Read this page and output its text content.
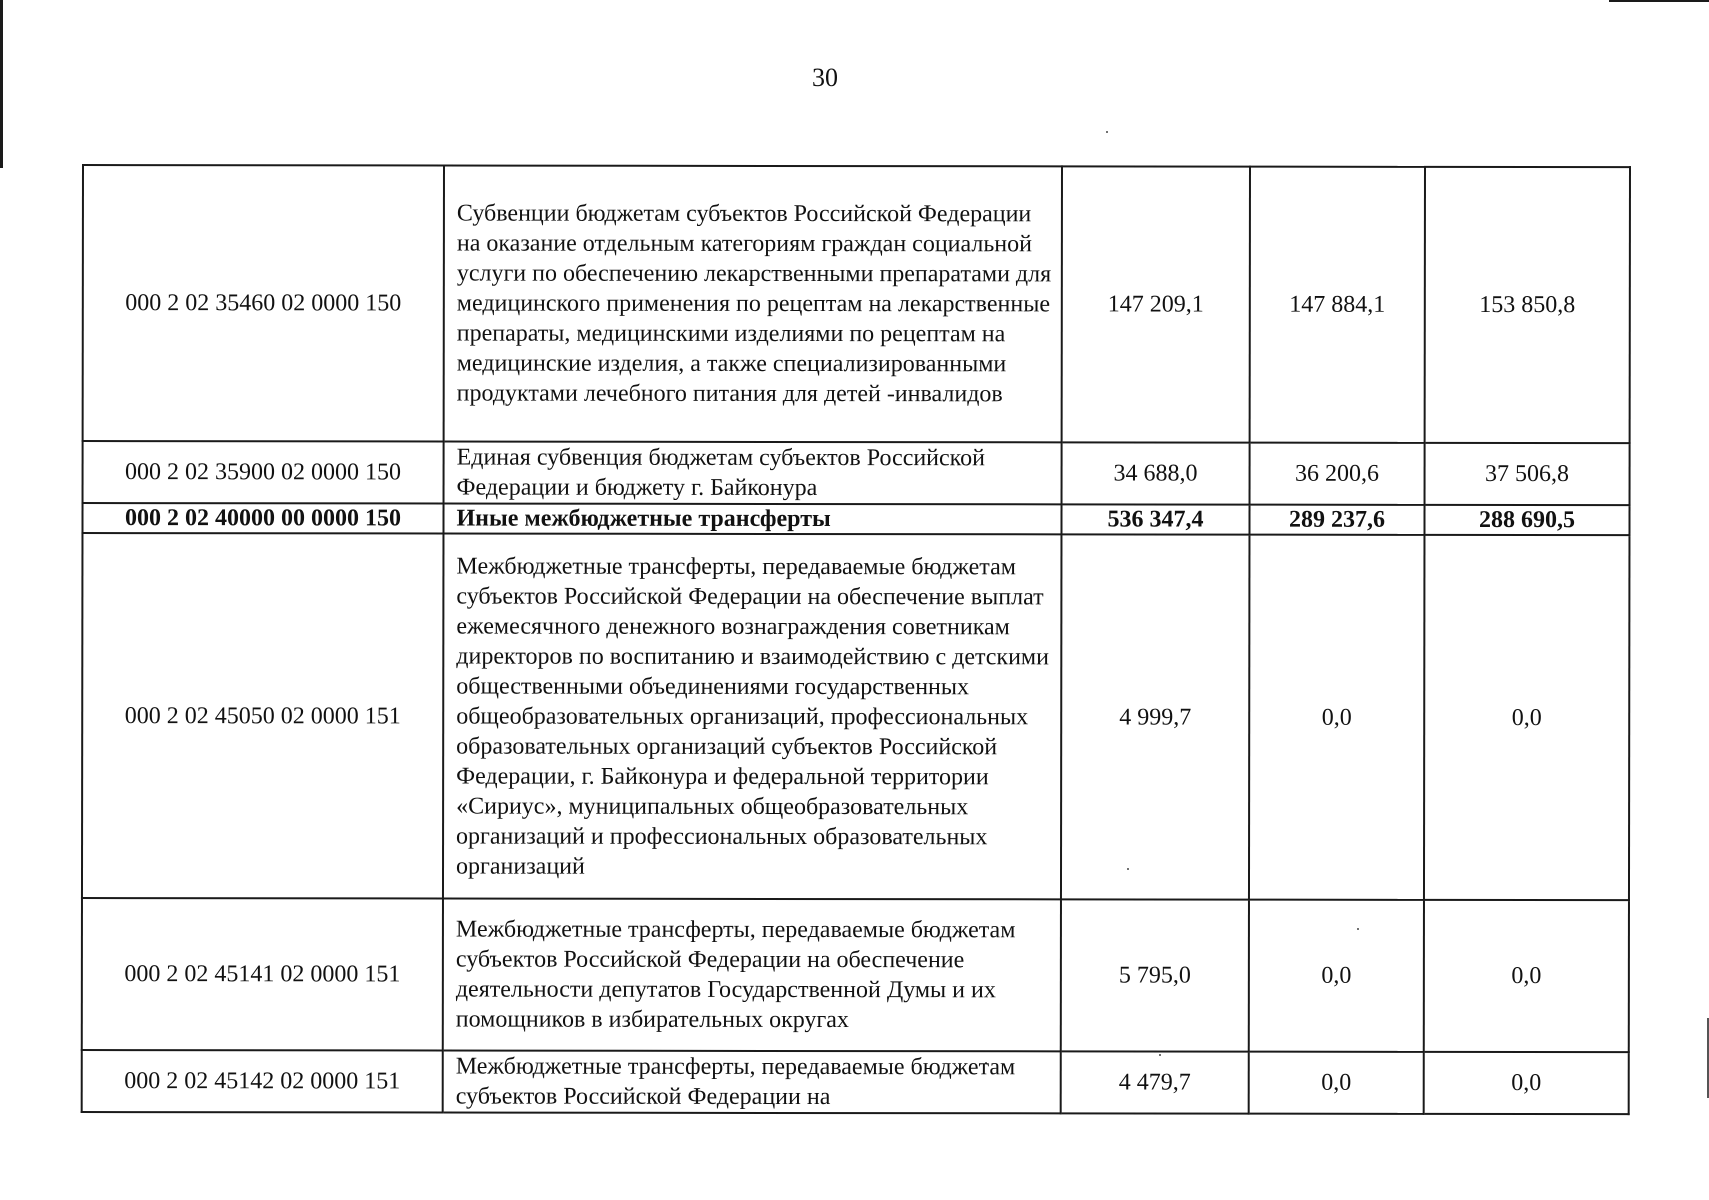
30
000 2 02 35460 02 0000 150	Субвенции бюджетам субъектов Российской Федерации на оказание отдельным категориям граждан социальной услуги по обеспечению лекарственными препаратами для медицинского применения по рецептам на лекарственные препараты, медицинскими изделиями по рецептам на медицинские изделия, а также специализированными продуктами лечебного питания для детей -инвалидов	147 209,1	147 884,1	153 850,8
000 2 02 35900 02 0000 150	Единая субвенция бюджетам субъектов Российской Федерации и бюджету г. Байконура	34 688,0	36 200,6	37 506,8
000 2 02 40000 00 0000 150	Иные межбюджетные трансферты	536 347,4	289 237,6	288 690,5
000 2 02 45050 02 0000 151	Межбюджетные трансферты, передаваемые бюджетам субъектов Российской Федерации на обеспечение выплат ежемесячного денежного вознаграждения советникам директоров по воспитанию и взаимодействию с детскими общественными объединениями государственных общеобразовательных организаций, профессиональных образовательных организаций субъектов Российской Федерации, г. Байконура и федеральной территории «Сириус», муниципальных общеобразовательных организаций и профессиональных образовательных организаций	4 999,7	0,0	0,0
000 2 02 45141 02 0000 151	Межбюджетные трансферты, передаваемые бюджетам субъектов Российской Федерации на обеспечение деятельности депутатов Государственной Думы и их помощников в избирательных округах	5 795,0	0,0	0,0
000 2 02 45142 02 0000 151	Межбюджетные трансферты, передаваемые бюджетам субъектов Российской Федерации на	4 479,7	0,0	0,0
